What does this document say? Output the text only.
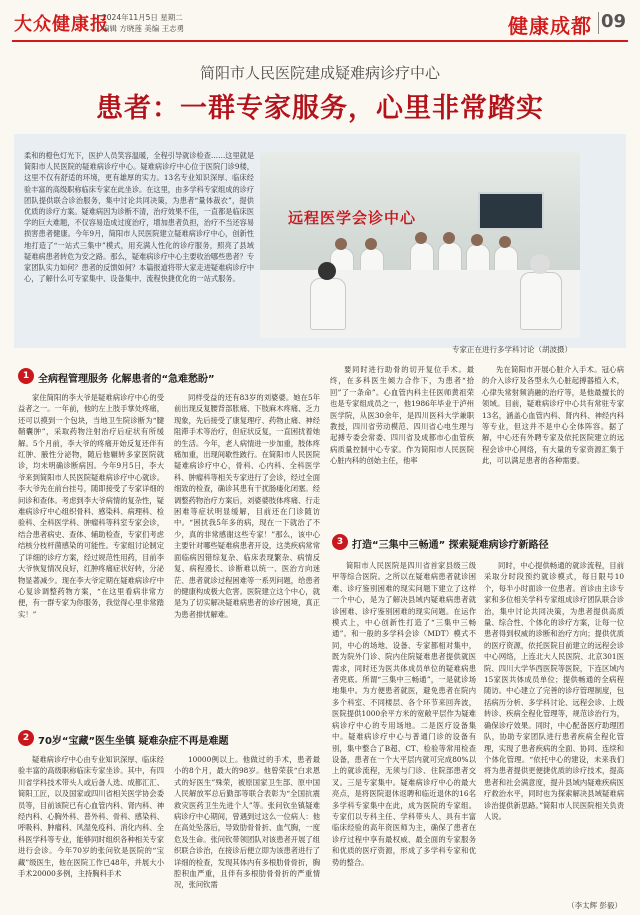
大众健康报
2024年11月5日 星期二
编辑 方晓莲 美编 王志勇	健康成都 09
简阳市人民医院建成疑难病诊疗中心
患者：一群专家服务，心里非常踏实
柔和的橙色灯光下，医护人员笑容温暖，全程引导就诊检查……这里就是简阳市人民医院的疑难病诊疗中心。疑难病诊疗中心位于医院门诊9楼，这里不仅有舒适的环境，更有雄厚的实力。13名专业知识深厚、临床经验丰富的高级职称临床专家在此坐诊。在这里，由多学科专家组成的诊疗团队提供联合诊治服务，集中讨论共同决策，为患者“量体裁衣”，提供优质的诊疗方案。疑难病因为诊断不清，治疗效果不佳，一直都是临床医学的巨大难题，不仅容易造成过度治疗，增加患者负担，治疗不当还容易损害患者健康。今年9月，简阳市人民医院建立疑难病诊疗中心，创新性地打造了“一站式三集中”模式，用充满人性化的诊疗服务，照亮了县域疑难病患者转危为安之路。那么，疑难病诊疗中心主要收治哪些患者？专家团队实力如何？患者的反馈如何？本篇报道将带大家走进疑难病诊疗中心，了解什么可专家集中、设备集中、流程快捷优化的一站式服务。
远程医学会诊中心
专家正在进行多学科讨论（胡波摄）
1 全病程管理服务 化解患者的“急难愁盼”

家住简阳的李大爷是疑难病诊疗中心的受益者之一。一年前，他的左上肢手掌处疼痛，还可以摸到一个包块，当地卫生院诊断为“腱鞘囊肿”，采取药物注射治疗后症状有所缓解。5个月前，李大爷的疼痛开始反复还伴有红肿、腋性分泌物，随后他辗转多家医院就诊，均未明确诊断病因。今年9月5日，李大爷来到简阳市人民医院疑难病诊疗中心就诊。李大爷先在前台挂号，随即接受了专家详细的问诊和查体。考虑到李大爷病情的复杂性，疑难病诊疗中心组织骨科、感染科、病理科、检验科、全科医学科、肿瘤科等科室专家会诊，结合患者病史、查体、辅助检查，专家们考虑结核分枝杆菌感染的可能性。专家组讨论制定了详细的诊疗方案，经过规范性用药，目前李大爷恢复情况良好，红肿疼痛症状好转，分泌物显著减少。现在李大爷定期在疑难病诊疗中心复诊调整药物方案，“在这里看病非常方便，有一群专家为你服务，我觉得心里非常踏实！”

同样受益的还有83岁的刘婆婆。她在5年前出现反复腰背部胀痛、下肢麻木疼痛、乏力现象，先后接受了康复理疗、药物止痛、神经阻滞手术等治疗，但症状反复，一直困扰着她的生活。今年，老人病情进一步加重，肢体疼痛加重，出现间歇性跛行。在简阳市人民医院疑难病诊疗中心，骨科、心内科、全科医学科、肿瘤科等相关专家进行了会诊，经过全面细致的检查，确诊其患有干扰肠瘘化闭塞。经调整药物治疗方案后，刘婆婆肢体疼痛、行走困难等症状明显缓解，目前还在门诊随访中。“困扰我5年多的病，现在一下就治了不少，真的非常感谢这些专家！”那么，该中心主要针对哪些疑难病患者开设，这类疾病常常面临病因错综复杂、临床表现繁杂、病情反复、病程漫长、诊断难以统一、医治方向迷茫、患者就诊过程困难等一系列问题，给患者的健康构成极大危害。医院建立这个中心，就是为了切实解决疑难病患者的诊疗困境，真正为患者排忧解难。

要同时进行助骨的切开复位手术。最终，在多科医生倾力合作下，为患者“拾回”了一条命”。心血管内科主任医师黄祖荣也是专家组成员之一，他1986年毕业于泸州医学院，从医30余年，是四川医科大学兼职教授，四川省劳动模范、四川省心电生理与起搏专委会常委、四川省及成都市心血管疾病质量控制中心专家。作为简阳市人民医院心脏内科的创始主任，他率

先在简阳市开展心脏介入手术。冠心病的介入诊疗及各型永久心脏起搏器植入术，心律失常射频消融的治疗等，是他最擅长的领域。目前，疑难病诊疗中心共有常驻专家13名，涵盖心血管内科、肾内科、神经内科等专业，但这并不是中心全体阵容。据了解，中心还有外聘专家及依托医院建立的远程会诊中心网络，有大量的专家资源汇集于此，可以满足患者的各种需要。

2 70岁“宝藏”医生坐镇 疑难杂症不再是难题

疑难病诊疗中心由专业知识深厚、临床经验丰富的高级职称临床专家坐诊。其中，有四川省学科技术带头人或后备人选、成都汇汇、简阳工匠，以及国家或四川省相关医学协会委员等，目前该院已有心血管内科、肾内科、神经内科、心胸外科、普外科、骨科、感染科、呼吸科、肿瘤科、风湿免疫科、消化内科、全科医学科等专业，能够同时组织各种相关专家进行会诊。今年70岁的张问钦是医院的“宝藏”级医生，他在医院工作已48年，并展大小手术20000多例，主持胸科手术

10000例以上。他做过的手术，患者最小的8个月，最大的98岁。他曾荣获“白求恩式的好医生”殊荣，被原国家卫生部、原中国人民解放军总后勤部等联合表彰为“全国抗震救灾医药卫生先进个人”等。张问钦坐镇疑难病诊疗中心期间，曾遇到过这么一位病人：他在高处坠落后，导致肋骨骨折、血气胸，一度危及生命。张问钦带领团队对该患者开展了组织联合诊治，在接诊后便立即为该患者进行了详细的检查，发现其体内有多根肋骨骨折，胸腔积血严重，且伴有多根肋骨骨折的严重情况，张问钦需

3 打造“三集中三畅通” 探索疑难病诊疗新路径

简阳市人民医院是四川省首家县级三级甲等综合医院。之所以在疑难病患者就诊困难、诊疗鉴别困难的现实问题下建立了这样一个中心，是为了解决县域内疑难病患者就诊困难、诊疗鉴别困难的现实问题。在运作模式上，中心创新性打造了“三集中三畅通”。和一般的多学科会诊（MDT）模式不同，中心的场地、设备、专家都相对集中，既为院外门诊、院内住院疑难患者提供就医需求，同时还为医共体成员单位的疑难病患者兜底。所谓“三集中三畅通”，一是就诊场地集中。为方便患者就医，避免患者在院内多个科室、不同楼层、各个环节来回奔波，医院提供1000余平方米的宽敞平层作为疑难病诊疗中心的专用场地。二是医疗设备集中。疑难病诊疗中心与普通门诊的设备有别，集中整合了B超、CT、检验等常用检查设备，患者在一个大平层内就可完成80%以上的就诊流程，无须与门诊、住院部患者交叉。三是专家集中。疑难病诊疗中心的最大亮点，是将医院退休返聘和临近退休的16名多学科专家集中在此，成为医院的专家组。专家们以专科主任、学科带头人、具有丰富临床经验的高年资医师为主，确保了患者在诊疗过程中享有最权威、最全面的专家服务和优质的医疗资源，形成了多学科专家和优势的整合。

同时，中心提供畅通的就诊流程，目前采取分时段预约就诊模式，每日限号10个，每半小时面诊一位患者。首诊由主诊专家和多位相关学科专家组成诊疗团队联合诊治，集中讨论共同决策，为患者提供高质量、综合性、个体化的诊疗方案，让每一位患者得到权威的诊断和治疗方向；提供优质的医疗资源，依托医院目前建立的远程会诊中心网络，上连北大人民医院、北京301医院、四川大学华西医院等医院，下连区域内15家医共体成员单位；提供畅通的全病程随访。中心建立了完善的诊疗管理制度，包括病历分析、多学科讨论、远程会诊、上级转诊、疾病全程化管理等，规范诊治行为，确保诊疗效果。同时，中心配备医疗助理团队，协助专家团队进行患者疾病全程化管理，实现了患者疾病的全面、协同、连续和个体化管理。“依托中心的建设，未来我们将为患者提供更便捷优质的诊疗技术，提高患者和社会满意度，提升县域内疑难疾病医疗救治水平，同时也为探索解决县域疑难病诊治提供新思路。”简阳市人民医院相关负责人说。

（李太辉 彭毅）
